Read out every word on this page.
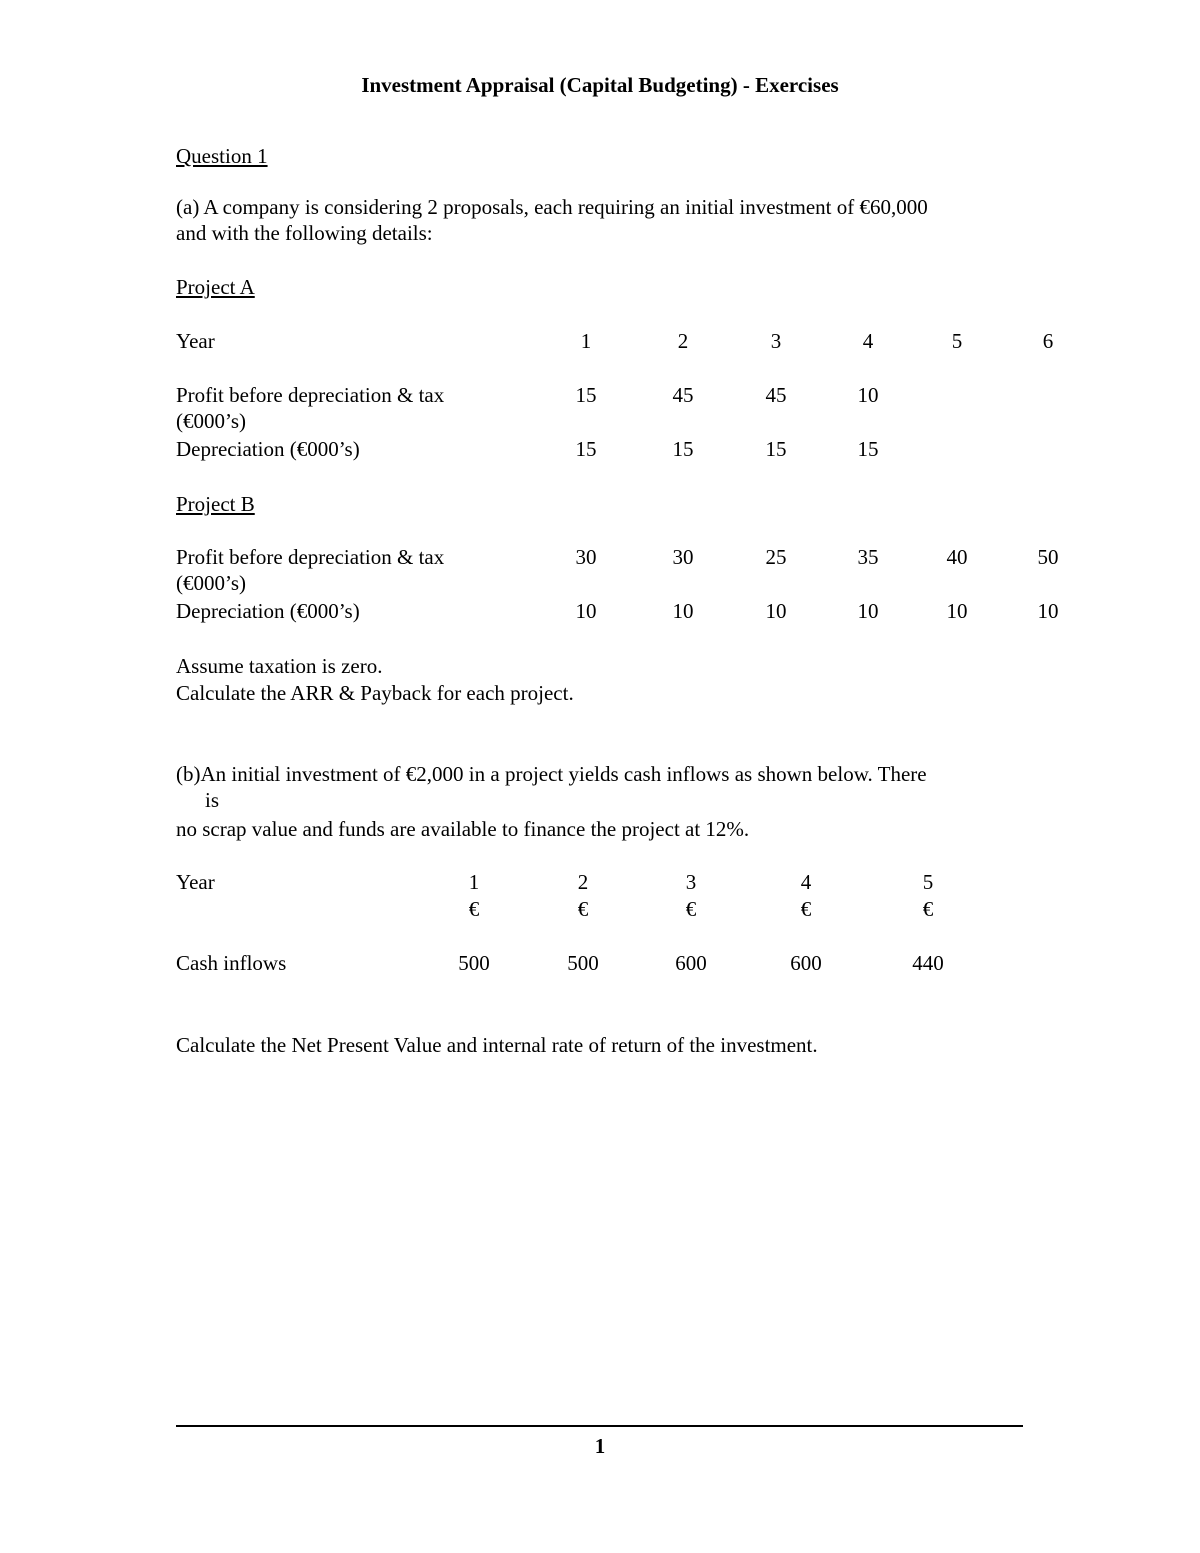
Investment Appraisal (Capital Budgeting) - Exercises
Question 1
(a) A company is considering 2 proposals, each requiring an initial investment of €60,000
and with the following details:
Project A
Year	1	2	3	4	5	6
Profit before depreciation & tax
(€000’s)
15	45	45	10
Depreciation (€000’s)	15	15	15	15
Project B
Profit before depreciation & tax
(€000’s)
30	30	25	35	40	50
Depreciation (€000’s)	10	10	10	10	10	10
Assume taxation is zero.
Calculate the ARR & Payback for each project.
(b)An initial investment of €2,000 in a project yields cash inflows as shown below. There
is
no scrap value and funds are available to finance the project at 12%.
Year	1	2	3	4	5
€	€	€	€	€
Cash inflows	500	500	600	600	440
Calculate the Net Present Value and internal rate of return of the investment.
1
